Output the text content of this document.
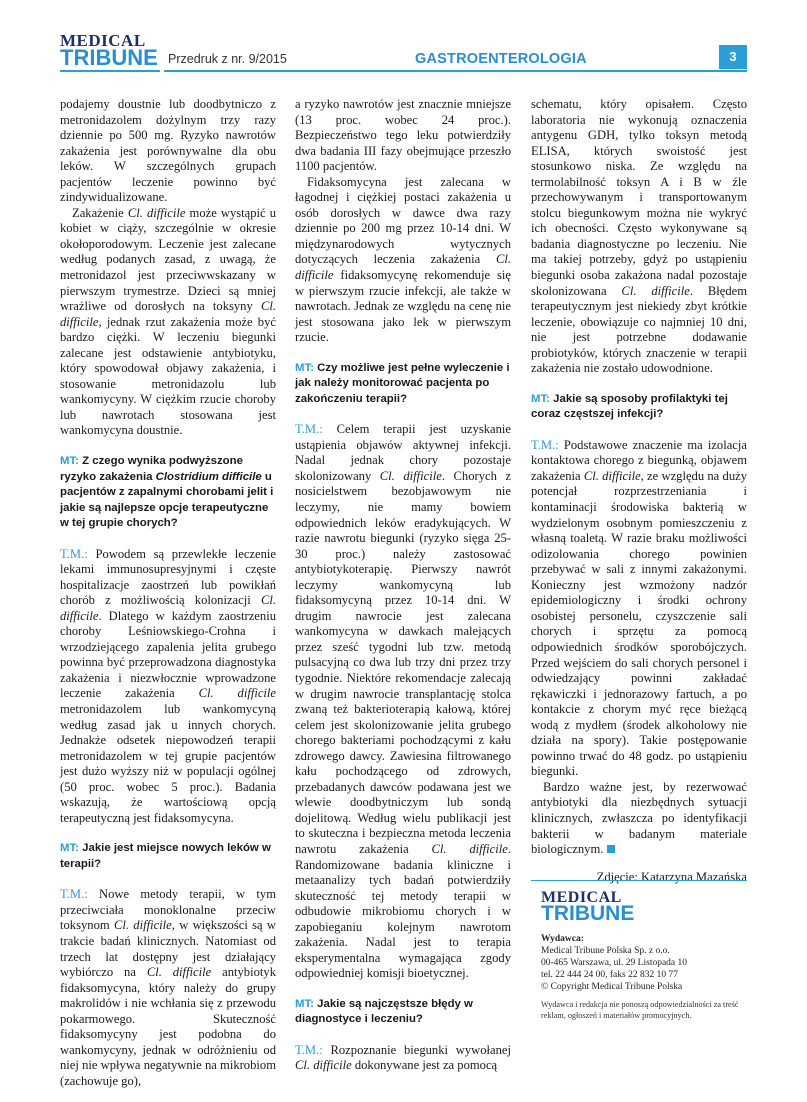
MEDICAL
TRIBUNE Przedruk z nr. 9/2015	GASTROENTEROLOGIA	3

podajemy doustnie lub doodbytniczo z metronidazolem dożylnym trzy razy dziennie po 500 mg. Ryzyko nawrotów zakażenia jest porównywalne dla obu leków. W szczególnych grupach pacjentów leczenie powinno być zindywidualizowane.

Zakażenie Cl. difficile może wystąpić u kobiet w ciąży, szczególnie w okresie okołoporodowym. Leczenie jest zalecane według podanych zasad, z uwagą, że metronidazol jest przeciwwskazany w pierwszym trymestrze. Dzieci są mniej wrażliwe od dorosłych na toksyny Cl. difficile, jednak rzut zakażenia może być bardzo ciężki. W leczeniu biegunki zalecane jest odstawienie antybiotyku, który spowodował objawy zakażenia, i stosowanie metronidazolu lub wankomycyny. W ciężkim rzucie choroby lub nawrotach stosowana jest wankomycyna doustnie.

MT: Z czego wynika podwyższone ryzyko zakażenia Clostridium difficile u pacjentów z zapalnymi chorobami jelit i jakie są najlepsze opcje terapeutyczne w tej grupie chorych?

T.M.: Powodem są przewlekłe leczenie lekami immunosupresyjnymi i częste hospitalizacje zaostrzeń lub powikłań chorób z możliwością kolonizacji Cl. difficile. Dlatego w każdym zaostrzeniu choroby Leśniowskiego-Crohna i wrzodziejącego zapalenia jelita grubego powinna być przeprowadzona diagnostyka zakażenia i niezwłocznie wprowadzone leczenie zakażenia Cl. difficile metronidazolem lub wankomycyną według zasad jak u innych chorych. Jednakże odsetek niepowodzeń terapii metronidazolem w tej grupie pacjentów jest dużo wyższy niż w populacji ogólnej (50 proc. wobec 5 proc.). Badania wskazują, że wartościową opcją terapeutyczną jest fidaksomycyna.

MT: Jakie jest miejsce nowych leków w terapii?

T.M.: Nowe metody terapii, w tym przeciwciała monoklonalne przeciw toksynom Cl. difficile, w większości są w trakcie badań klinicznych. Natomiast od trzech lat dostępny jest działający wybiórczo na Cl. difficile antybiotyk fidaksomycyna, który należy do grupy makrolidów i nie wchłania się z przewodu pokarmowego. Skuteczność fidaksomycyny jest podobna do wankomycyny, jednak w odróżnieniu od niej nie wpływa negatywnie na mikrobiom (zachowuje go),

a ryzyko nawrotów jest znacznie mniejsze (13 proc. wobec 24 proc.). Bezpieczeństwo tego leku potwierdziły dwa badania III fazy obejmujące przeszło 1100 pacjentów.

Fidaksomycyna jest zalecana w łagodnej i ciężkiej postaci zakażenia u osób dorosłych w dawce dwa razy dziennie po 200 mg przez 10-14 dni. W międzynarodowych wytycznych dotyczących leczenia zakażenia Cl. difficile fidaksomycynę rekomenduje się w pierwszym rzucie infekcji, ale także w nawrotach. Jednak ze względu na cenę nie jest stosowana jako lek w pierwszym rzucie.

MT: Czy możliwe jest pełne wyleczenie i jak należy monitorować pacjenta po zakończeniu terapii?

T.M.: Celem terapii jest uzyskanie ustąpienia objawów aktywnej infekcji. Nadal jednak chory pozostaje skolonizowany Cl. difficile. Chorych z nosicielstwem bezobjawowym nie leczymy, nie mamy bowiem odpowiednich leków eradykujących. W razie nawrotu biegunki (ryzyko sięga 25-30 proc.) należy zastosować antybiotykoterapię. Pierwszy nawrót leczymy wankomycyną lub fidaksomycyną przez 10-14 dni. W drugim nawrocie jest zalecana wankomycyna w dawkach malejących przez sześć tygodni lub tzw. metodą pulsacyjną co dwa lub trzy dni przez trzy tygodnie. Niektóre rekomendacje zalecają w drugim nawrocie transplantację stolca zwaną też bakterioterapią kałową, której celem jest skolonizowanie jelita grubego chorego bakteriami pochodzącymi z kału zdrowego dawcy. Zawiesina filtrowanego kału pochodzącego od zdrowych, przebadanych dawców podawana jest we wlewie doodbytniczym lub sondą dojelitową. Według wielu publikacji jest to skuteczna i bezpieczna metoda leczenia nawrotu zakażenia Cl. difficile. Randomizowane badania kliniczne i metaanalizy tych badań potwierdziły skuteczność tej metody terapii w odbudowie mikrobiomu chorych i w zapobieganiu kolejnym nawrotom zakażenia. Nadal jest to terapia eksperymentalna wymagająca zgody odpowiedniej komisji bioetycznej.

MT: Jakie są najczęstsze błędy w diagnostyce i leczeniu?

T.M.: Rozpoznanie biegunki wywołanej Cl. difficile dokonywane jest za pomocą

schematu, który opisałem. Często laboratoria nie wykonują oznaczenia antygenu GDH, tylko toksyn metodą ELISA, których swoistość jest stosunkowo niska. Ze względu na termolabilność toksyn A i B w źle przechowywanym i transportowanym stolcu biegunkowym można nie wykryć ich obecności. Często wykonywane są badania diagnostyczne po leczeniu. Nie ma takiej potrzeby, gdyż po ustąpieniu biegunki osoba zakażona nadal pozostaje skolonizowana Cl. difficile. Błędem terapeutycznym jest niekiedy zbyt krótkie leczenie, obowiązuje co najmniej 10 dni, nie jest potrzebne dodawanie probiotyków, których znaczenie w terapii zakażenia nie zostało udowodnione.

MT: Jakie są sposoby profilaktyki tej coraz częstszej infekcji?

T.M.: Podstawowe znaczenie ma izolacja kontaktowa chorego z biegunką, objawem zakażenia Cl. difficile, ze względu na duży potencjał rozprzestrzeniania i kontaminacji środowiska bakterią w wydzielonym osobnym pomieszczeniu z własną toaletą. W razie braku możliwości odizolowania chorego powinien przebywać w sali z innymi zakażonymi. Konieczny jest wzmożony nadzór epidemiologiczny i środki ochrony osobistej personelu, czyszczenie sali chorych i sprzętu za pomocą odpowiednich środków sporobójczych. Przed wejściem do sali chorych personel i odwiedzający powinni zakładać rękawiczki i jednorazowy fartuch, a po kontakcie z chorym myć ręce bieżącą wodą z mydłem (środek alkoholowy nie działa na spory). Takie postępowanie powinno trwać do 48 godz. po ustąpieniu biegunki.

Bardzo ważne jest, by rezerwować antybiotyki dla niezbędnych sytuacji klinicznych, zwłaszcza po identyfikacji bakterii w badanym materiale biologicznym.

Zdjęcie: Katarzyna Mazańska

MEDICAL
TRIBUNE
Wydawca:
Medical Tribune Polska Sp. z o.o.
00-465 Warszawa, ul. 29 Listopada 10
tel. 22 444 24 00, faks 22 832 10 77
© Copyright Medical Tribune Polska
Wydawca i redakcja nie ponoszą odpowiedzialności za treść reklam, ogłoszeń i materiałów promocyjnych.
